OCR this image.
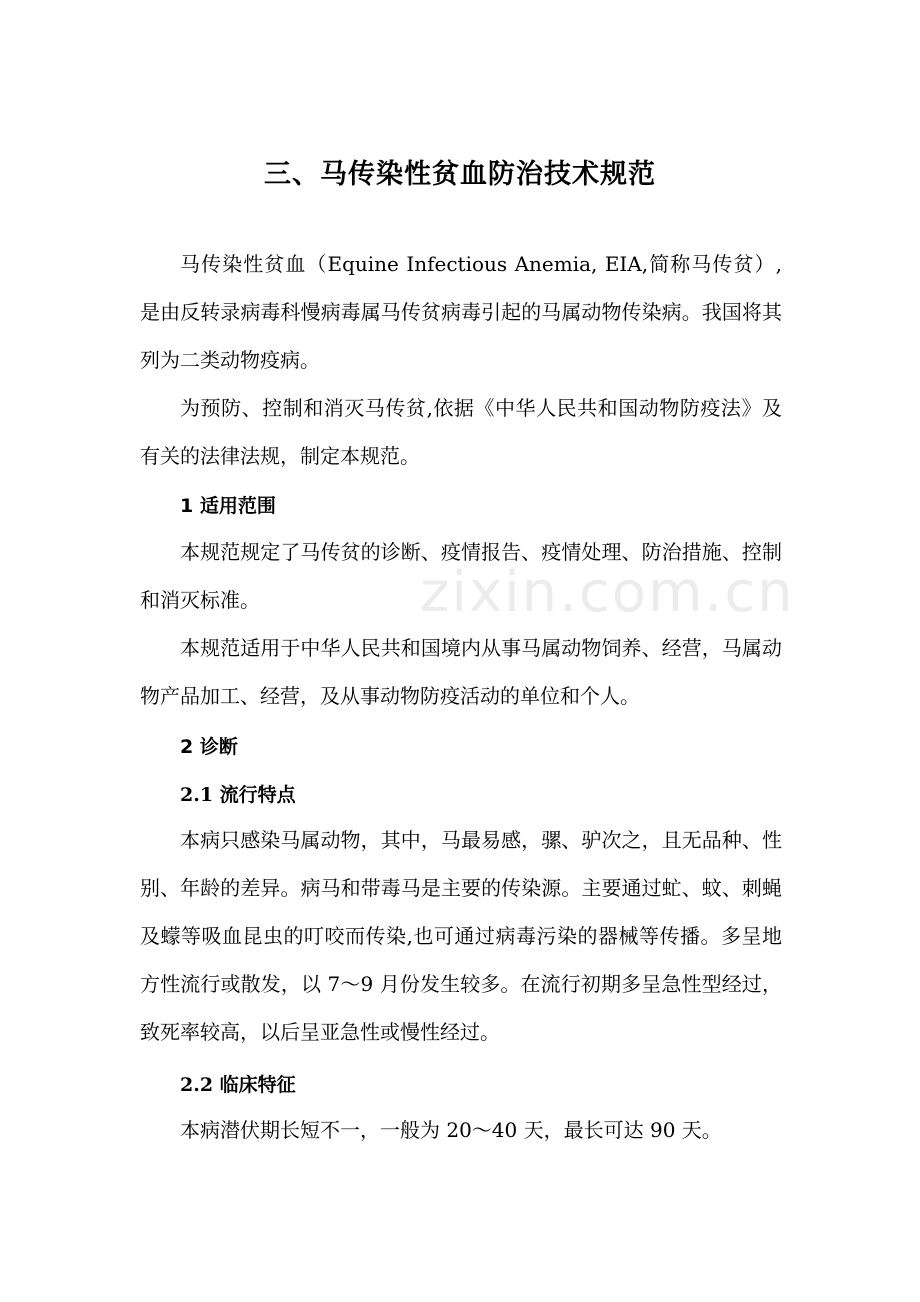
zixin.com.cn
三、马传染性贫血防治技术规范

马传染性贫血（Equine Infectious Anemia, EIA,简称马传贫）,是由反转录病毒科慢病毒属马传贫病毒引起的马属动物传染病。我国将其列为二类动物疫病。

为预防、控制和消灭马传贫,依据《中华人民共和国动物防疫法》及有关的法律法规，制定本规范。

1 适用范围

本规范规定了马传贫的诊断、疫情报告、疫情处理、防治措施、控制和消灭标准。

本规范适用于中华人民共和国境内从事马属动物饲养、经营，马属动物产品加工、经营，及从事动物防疫活动的单位和个人。

2 诊断
2.1 流行特点

本病只感染马属动物，其中，马最易感，骡、驴次之，且无品种、性别、年龄的差异。病马和带毒马是主要的传染源。主要通过虻、蚊、刺蝇及蠓等吸血昆虫的叮咬而传染,也可通过病毒污染的器械等传播。多呈地方性流行或散发，以 7～9 月份发生较多。在流行初期多呈急性型经过，致死率较高，以后呈亚急性或慢性经过。

2.2 临床特征

本病潜伏期长短不一，一般为 20～40 天，最长可达 90 天。
